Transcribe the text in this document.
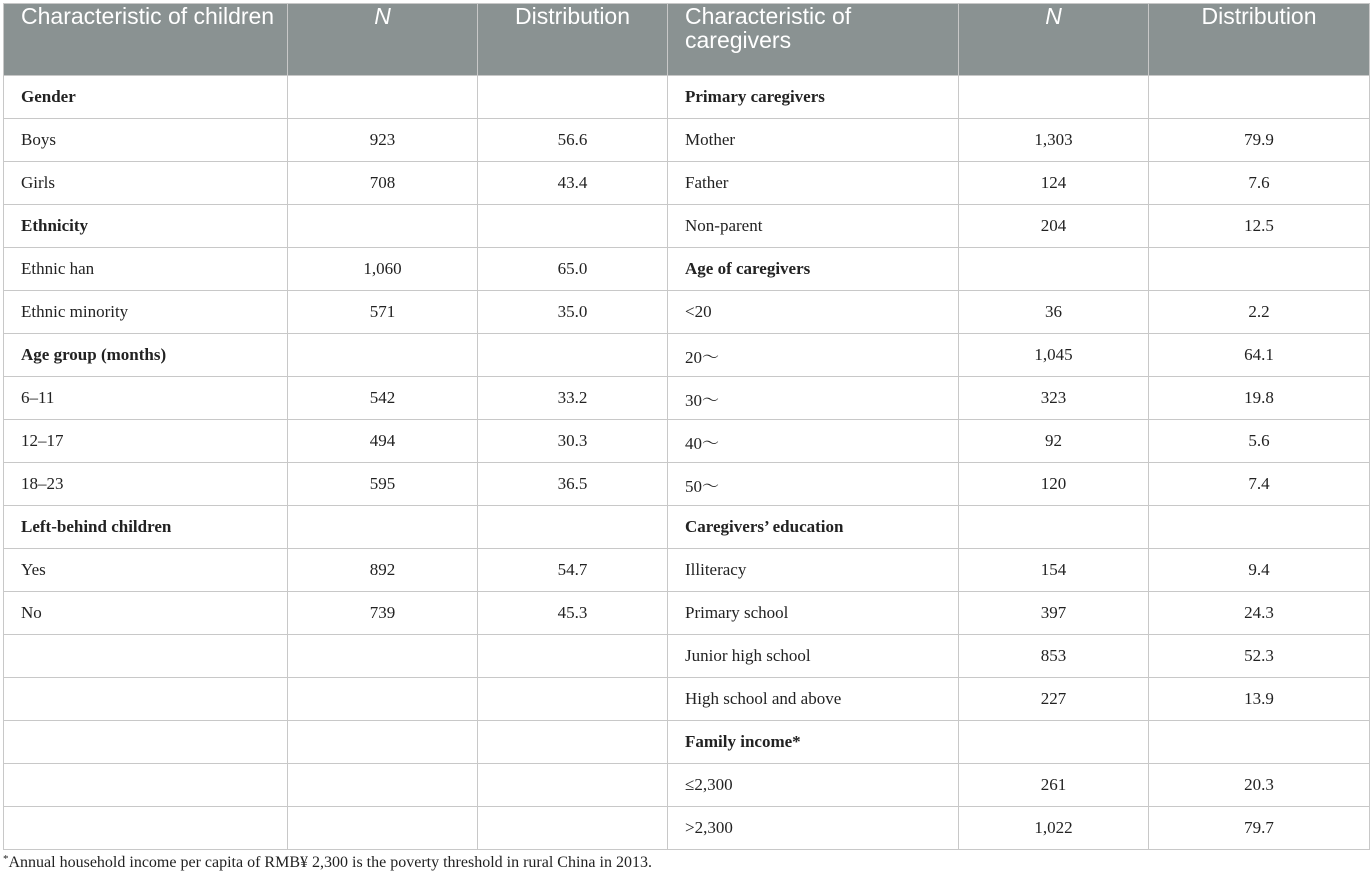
Characteristic of children	N	Distribution	Characteristic of caregivers	N	Distribution
Gender			Primary caregivers		
Boys	923	56.6	Mother	1,303	79.9
Girls	708	43.4	Father	124	7.6
Ethnicity			Non-parent	204	12.5
Ethnic han	1,060	65.0	Age of caregivers		
Ethnic minority	571	35.0	<20	36	2.2
Age group (months)			20～	1,045	64.1
6–11	542	33.2	30～	323	19.8
12–17	494	30.3	40～	92	5.6
18–23	595	36.5	50～	120	7.4
Left-behind children			Caregivers’ education		
Yes	892	54.7	Illiteracy	154	9.4
No	739	45.3	Primary school	397	24.3
			Junior high school	853	52.3
			High school and above	227	13.9
			Family income*		
			≤2,300	261	20.3
			>2,300	1,022	79.7
*Annual household income per capita of RMB¥ 2,300 is the poverty threshold in rural China in 2013.
